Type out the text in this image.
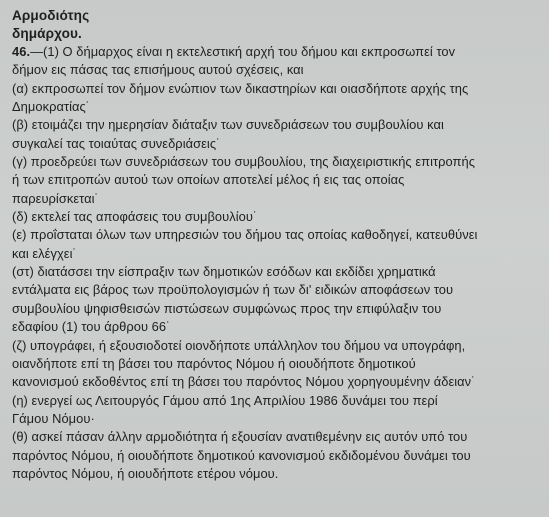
Αρμοδιότης
δημάρχου.
46.—(1) Ο δήμαρχος είναι η εκτελεστική αρχή του δήμου και εκπροσωπεί τοv
δήμον εις πάσας τας επισήμους αυτού σχέσεις, και
(α) εκπροσωπεί τον δήμον ενώπιον των δικαστηρίων και οιασδήποτε αρχής της
Δημοκρατίας˙
(β) ετοιμάζει την ημερησίαν διάταξιν των συνεδριάσεων του συμβουλίου και
συγκαλεί τας τοιαύτας συνεδριάσεις˙
(γ) προεδρεύει των συνεδριάσεων του συμβουλίου, της διαχειριστικής επιτροπής
ή των επιτροπών αυτού των οποίων αποτελεί μέλος ή εις τας οποίας
παρευρίσκεται˙
(δ) εκτελεί τας αποφάσεις του συμβουλίου˙
(ε) προΐσταται όλων των υπηρεσιών του δήμου τας οποίας καθοδηγεί, κατευθύνει
και ελέγχει˙
(στ) διατάσσει την είσπραξιν των δημοτικών εσόδων και εκδίδει χρηματικά
εντάλματα εις βάρος των προϋπολογισμών ή των δι' ειδικών αποφάσεων του
συμβουλίου ψηφισθεισών πιστώσεων συμφώνως προς την επιφύλαξιν του
εδαφίου (1) του άρθρου 66˙
(ζ) υπογράφει, ή εξουσιοδοτεί οιονδήποτε υπάλληλον του δήμου να υπογράφη,
οιανδήποτε επί τη βάσει του παρόντος Νόμου ή οιουδήποτε δημοτικού
κανονισμού εκδοθέντος επί τη βάσει του παρόντος Νόμου χορηγουμένην άδειαν˙
(η) ενεργεί ως Λειτουργός Γάμου από 1ης Απριλίου 1986 δυνάμει του περί
Γάμου Νόμου·
(θ) ασκεί πάσαν άλλην αρμοδιότητα ή εξουσίαν ανατιθεμένην εις αυτόν υπό του
παρόντος Νόμου, ή οιουδήποτε δημοτικού κανονισμού εκδιδομένου δυνάμει του
παρόντος Νόμου, ή οιουδήποτε ετέρου νόμου.
